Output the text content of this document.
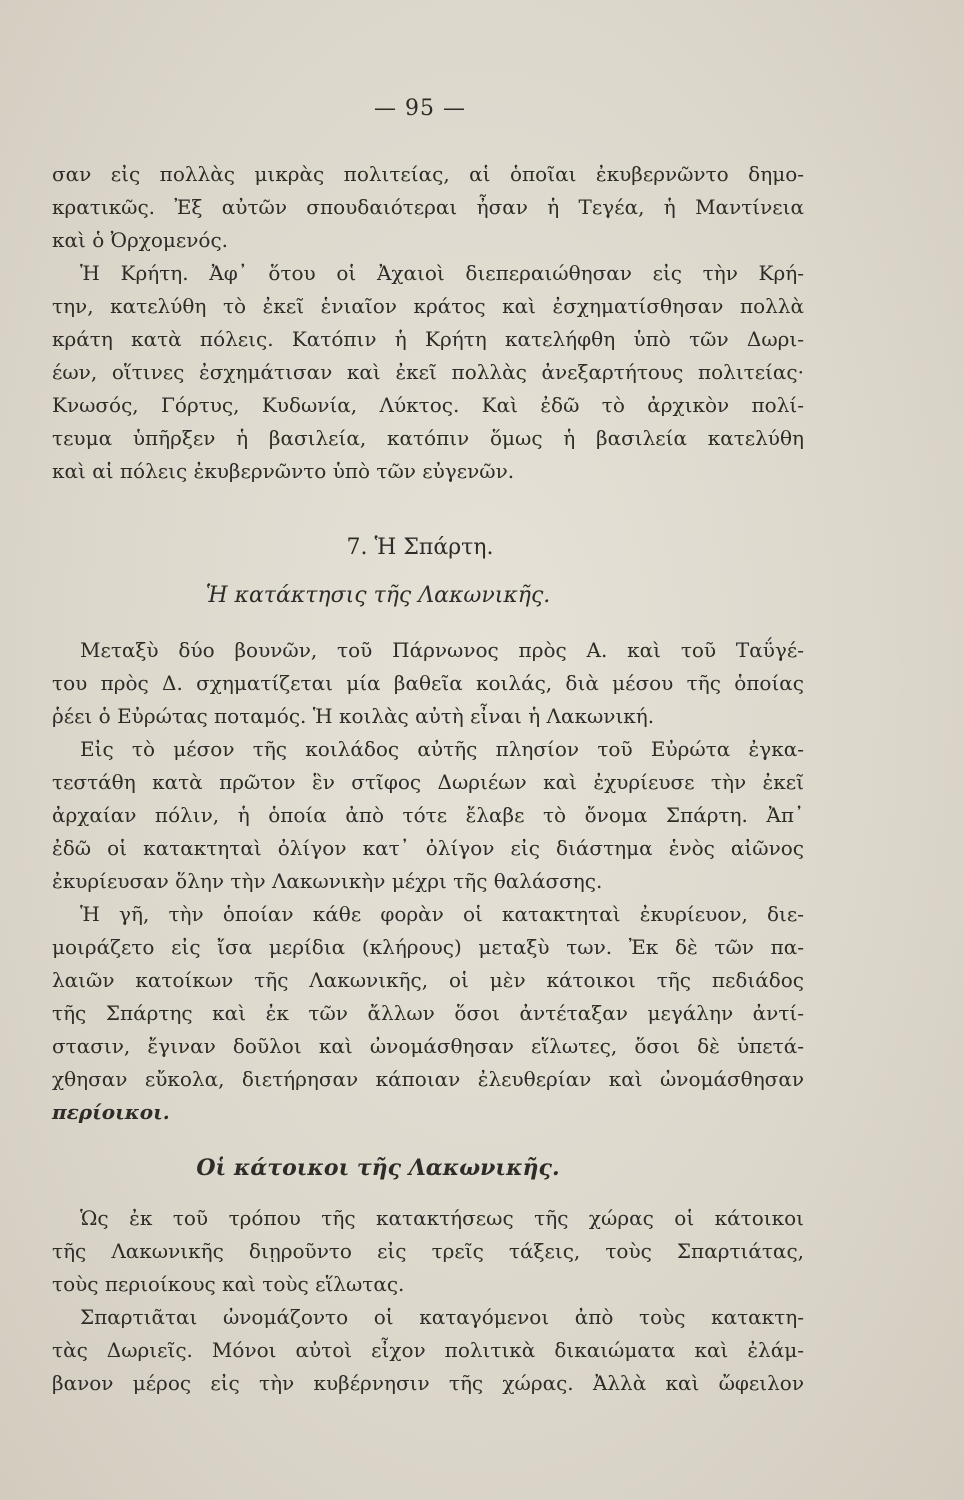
— 95 —
σαν εἰς πολλὰς μικρὰς πολιτείας, αἱ ὁποῖαι ἐκυβερνῶντο δημο-
κρατικῶς. Ἐξ αὐτῶν σπουδαιότεραι ἦσαν ἡ Τεγέα, ἡ Μαντίνεια
καὶ ὁ Ὀρχομενός.
Ἡ Κρήτη. Ἀφ᾿ ὅτου οἱ Ἀχαιοὶ διεπεραιώθησαν εἰς τὴν Κρή-
την, κατελύθη τὸ ἐκεῖ ἑνιαῖον κράτος καὶ ἐσχηματίσθησαν πολλὰ
κράτη κατὰ πόλεις. Κατόπιν ἡ Κρήτη κατελήφθη ὑπὸ τῶν Δωρι-
έων, οἵτινες ἐσχημάτισαν καὶ ἐκεῖ πολλὰς ἀνεξαρτήτους πολιτείας·
Κνωσός, Γόρτυς, Κυδωνία, Λύκτος. Καὶ ἐδῶ τὸ ἀρχικὸν πολί-
τευμα ὑπῆρξεν ἡ βασιλεία, κατόπιν ὅμως ἡ βασιλεία κατελύθη
καὶ αἱ πόλεις ἐκυβερνῶντο ὑπὸ τῶν εὐγενῶν.
7. Ἡ Σπάρτη.
Ἡ κατάκτησις τῆς Λακωνικῆς.
Μεταξὺ δύο βουνῶν, τοῦ Πάρνωνος πρὸς Α. καὶ τοῦ Ταΰγέ-
του πρὸς Δ. σχηματίζεται μία βαθεῖα κοιλάς, διὰ μέσου τῆς ὁποίας
ῥέει ὁ Εὐρώτας ποταμός. Ἡ κοιλὰς αὐτὴ εἶναι ἡ Λακωνική.
Εἰς τὸ μέσον τῆς κοιλάδος αὐτῆς πλησίον τοῦ Εὐρώτα ἐγκα-
τεστάθη κατὰ πρῶτον ἓν στῖφος Δωριέων καὶ ἐχυρίευσε τὴν ἐκεῖ
ἀρχαίαν πόλιν, ἡ ὁποία ἀπὸ τότε ἔλαβε τὸ ὄνομα Σπάρτη. Ἀπ᾿
ἐδῶ οἱ κατακτηταὶ ὀλίγον κατ᾿ ὀλίγον εἰς διάστημα ἑνὸς αἰῶνος
ἐκυρίευσαν ὅλην τὴν Λακωνικὴν μέχρι τῆς θαλάσσης.
Ἡ γῆ, τὴν ὁποίαν κάθε φορὰν οἱ κατακτηταὶ ἐκυρίευον, διε-
μοιράζετο εἰς ἴσα μερίδια (κλήρους) μεταξὺ των. Ἐκ δὲ τῶν πα-
λαιῶν κατοίκων τῆς Λακωνικῆς, οἱ μὲν κάτοικοι τῆς πεδιάδος
τῆς Σπάρτης καὶ ἐκ τῶν ἄλλων ὅσοι ἀντέταξαν μεγάλην ἀντί-
στασιν, ἔγιναν δοῦλοι καὶ ὠνομάσθησαν εἵλωτες, ὅσοι δὲ ὑπετά-
χθησαν εὔκολα, διετήρησαν κάποιαν ἐλευθερίαν καὶ ὠνομάσθησαν
περίοικοι.
Οἱ κάτοικοι τῆς Λακωνικῆς.
Ὡς ἐκ τοῦ τρόπου τῆς κατακτήσεως τῆς χώρας οἱ κάτοικοι
τῆς Λακωνικῆς διῃροῦντο εἰς τρεῖς τάξεις, τοὺς Σπαρτιάτας,
τοὺς περιοίκους καὶ τοὺς εἵλωτας.
Σπαρτιᾶται ὠνομάζοντο οἱ καταγόμενοι ἀπὸ τοὺς κατακτη-
τὰς Δωριεῖς. Μόνοι αὐτοὶ εἶχον πολιτικὰ δικαιώματα καὶ ἐλάμ-
βανον μέρος εἰς τὴν κυβέρνησιν τῆς χώρας. Ἀλλὰ καὶ ὤφειλον
